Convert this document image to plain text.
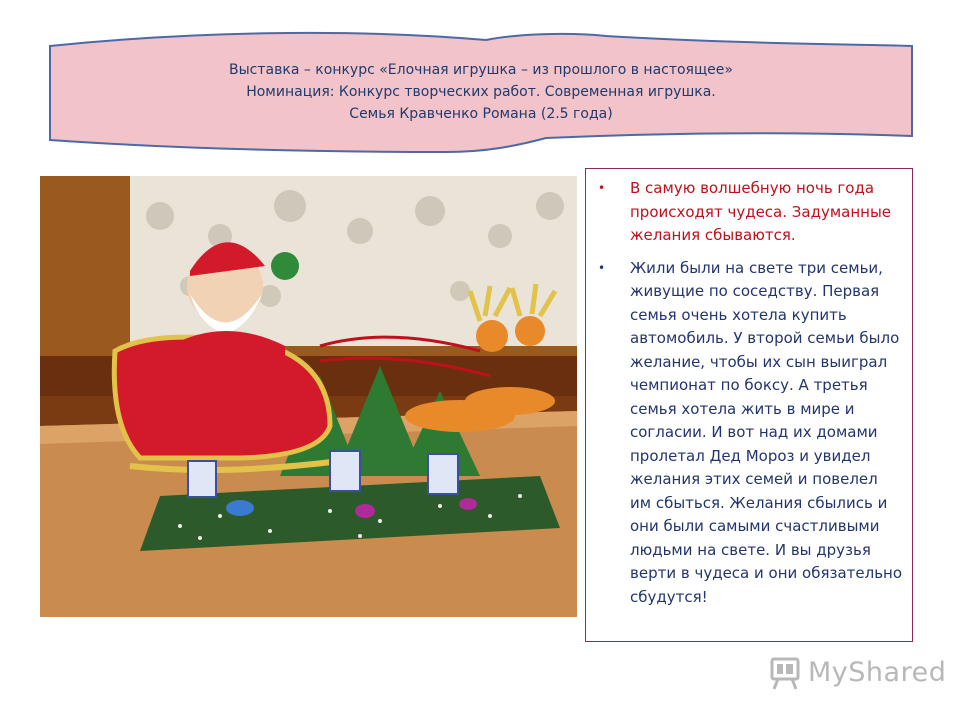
Выставка – конкурс «Елочная игрушка – из прошлого в настоящее»
Номинация: Конкурс творческих работ. Современная игрушка.
Семья Кравченко Романа (2.5 года)
• В самую волшебную ночь года происходят чудеса. Задуманные желания сбываются.
• Жили были на свете три семьи, живущие по соседству. Первая семья очень хотела купить автомобиль. У второй семьи было желание, чтобы их сын выиграл чемпионат по боксу. А третья семья хотела жить в мире и согласии. И вот над их домами пролетал Дед Мороз и увидел желания этих семей и повелел им сбыться. Желания сбылись и они были самыми счастливыми людьми на свете. И вы друзья верти в чудеса и они обязательно сбудутся!
MyShared
